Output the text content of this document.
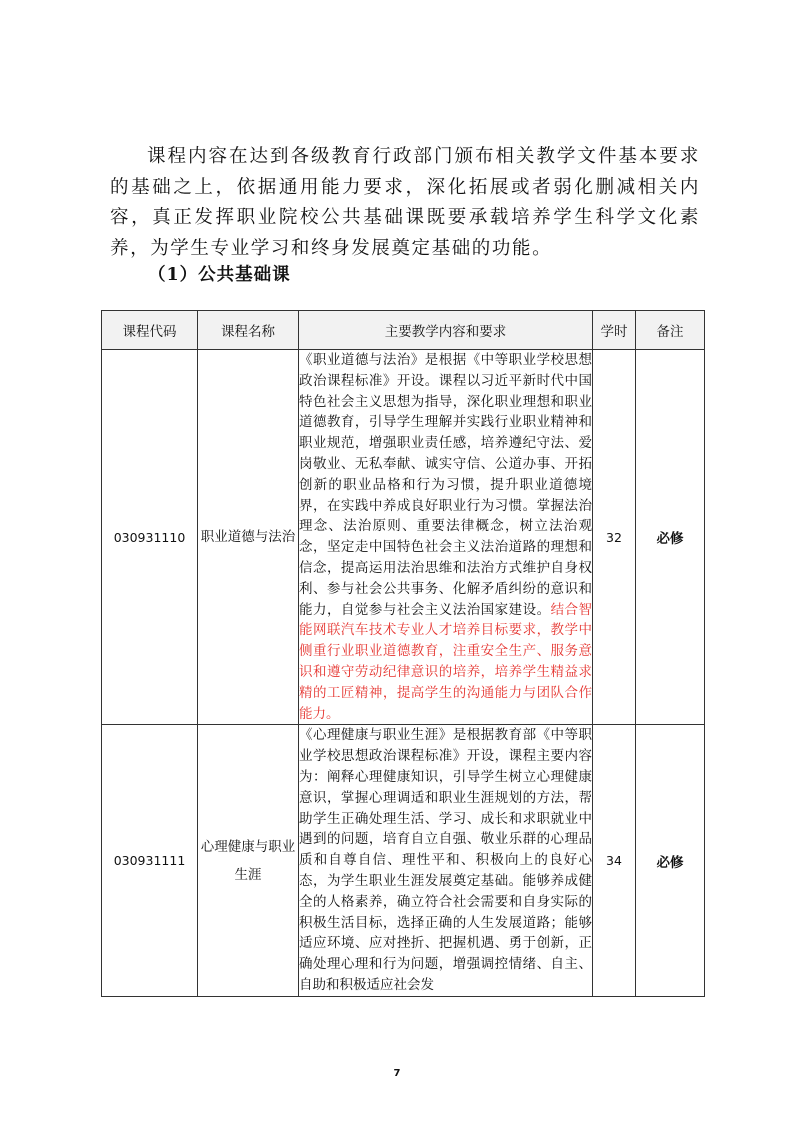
课程内容在达到各级教育行政部门颁布相关教学文件基本要求的基础之上，依据通用能力要求，深化拓展或者弱化删减相关内容，真正发挥职业院校公共基础课既要承载培养学生科学文化素养，为学生专业学习和终身发展奠定基础的功能。

（1）公共基础课

课程代码	课程名称	主要教学内容和要求	学时	备注
030931110	职业道德与法治	《职业道德与法治》是根据《中等职业学校思想政治课程标准》开设。课程以习近平新时代中国特色社会主义思想为指导，深化职业理想和职业道德教育，引导学生理解并实践行业职业精神和职业规范，增强职业责任感，培养遵纪守法、爱岗敬业、无私奉献、诚实守信、公道办事、开拓创新的职业品格和行为习惯，提升职业道德境界，在实践中养成良好职业行为习惯。掌握法治理念、法治原则、重要法律概念，树立法治观念，坚定走中国特色社会主义法治道路的理想和信念，提高运用法治思维和法治方式维护自身权利、参与社会公共事务、化解矛盾纠纷的意识和能力，自觉参与社会主义法治国家建设。结合智能网联汽车技术专业人才培养目标要求，教学中侧重行业职业道德教育，注重安全生产、服务意识和遵守劳动纪律意识的培养，培养学生精益求精的工匠精神，提高学生的沟通能力与团队合作能力。	32	必修
030931111	心理健康与职业生涯	《心理健康与职业生涯》是根据教育部《中等职业学校思想政治课程标准》开设，课程主要内容为：阐释心理健康知识，引导学生树立心理健康意识，掌握心理调适和职业生涯规划的方法，帮助学生正确处理生活、学习、成长和求职就业中遇到的问题，培育自立自强、敬业乐群的心理品质和自尊自信、理性平和、积极向上的良好心态，为学生职业生涯发展奠定基础。能够养成健全的人格素养，确立符合社会需要和自身实际的积极生活目标，选择正确的人生发展道路；能够适应环境、应对挫折、把握机遇、勇于创新，正确处理心理和行为问题，增强调控情绪、自主、自助和积极适应社会发	34	必修
7
